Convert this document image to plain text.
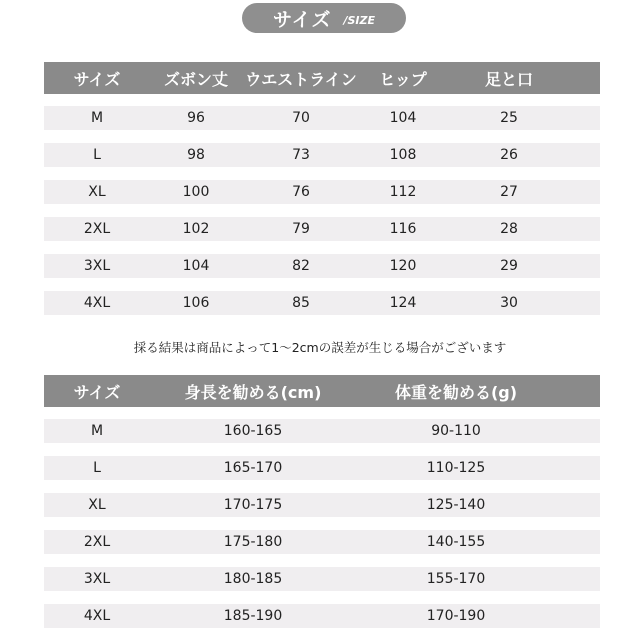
サイズ /SIZE
サイズ	ズボン丈	ウエストライン	ヒップ	足と口
M	96	70	104	25
L	98	73	108	26
XL	100	76	112	27
2XL	102	79	116	28
3XL	104	82	120	29
4XL	106	85	124	30
採る結果は商品によって1～2cmの誤差が生じる場合がございます
サイズ	身長を勧める(cm)	体重を勧める(g)
M	160-165	90-110
L	165-170	110-125
XL	170-175	125-140
2XL	175-180	140-155
3XL	180-185	155-170
4XL	185-190	170-190
